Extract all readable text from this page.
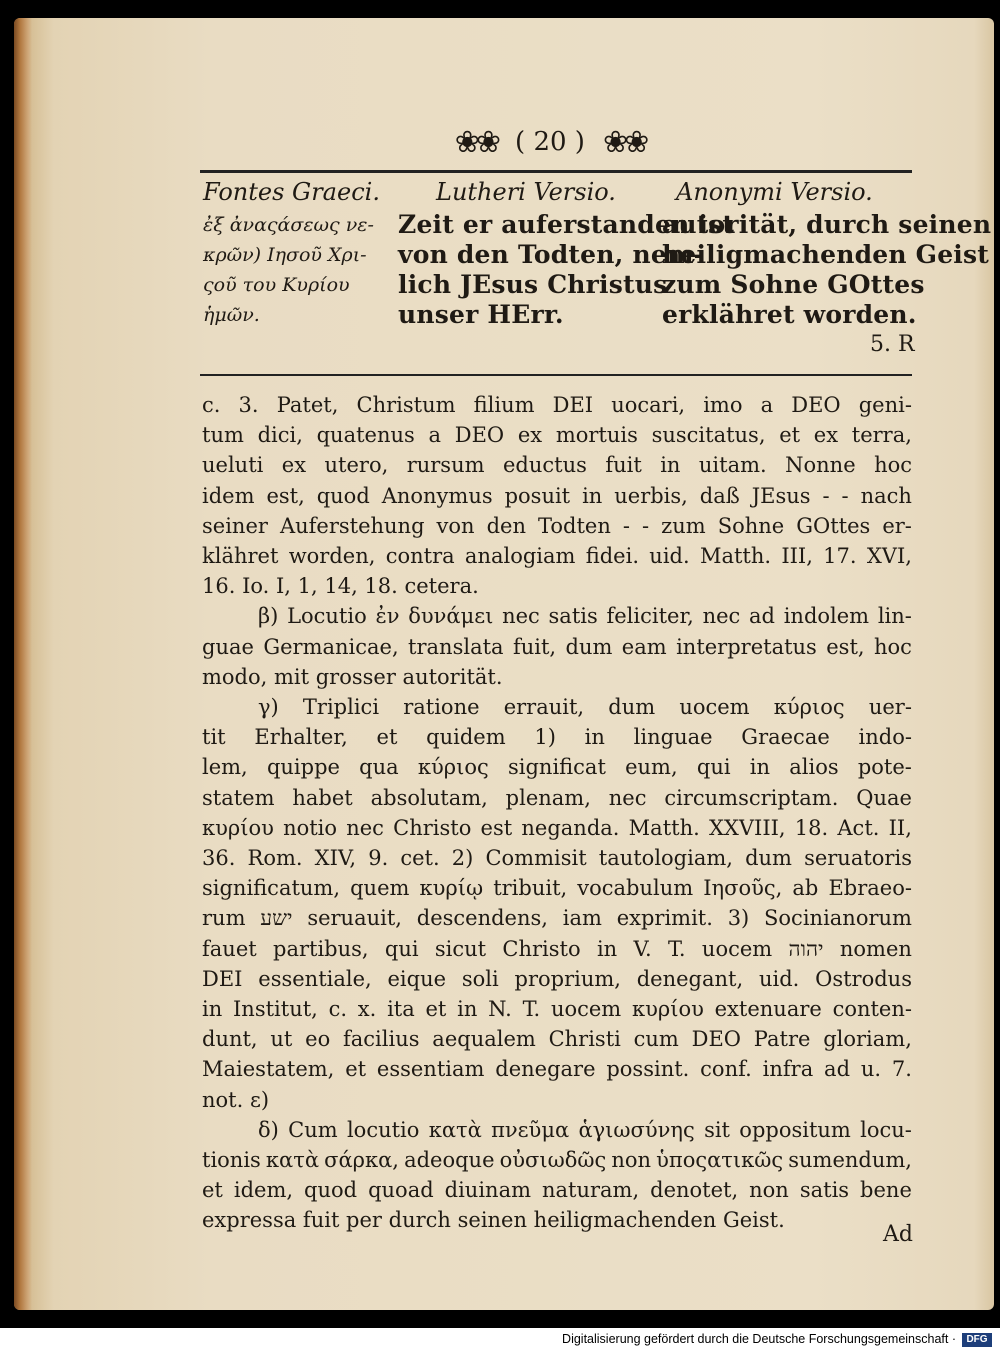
❀❀ ( 20 ) ❀❀
Fontes Graeci. Lutheri Versio.	Anonymi Versio.
ἐξ ἀναςάσεως νε-
κρῶν) Ιησοῦ Χρι-
ςοῦ του Κυρίου
ἡμῶν.
Zeit er auferstanden ist
von den Todten, nem-
lich JEsus Christus
unser HErr.
autorität, durch seinen
heiligmachenden Geist
zum Sohne GOttes
erklähret worden.
5. R
c. 3. Patet, Christum filium DEI uocari, imo a DEO geni-
tum dici, quatenus a DEO ex mortuis suscitatus, et ex terra,
ueluti ex utero, rursum eductus fuit in uitam. Nonne hoc
idem est, quod Anonymus posuit in uerbis, daß JEsus - - nach
seiner Auferstehung von den Todten - - zum Sohne GOttes er-
klähret worden, contra analogiam fidei. uid. Matth. III, 17. XVI,
16. Io. I, 1, 14, 18. cetera.
β) Locutio ἐν δυνάμει nec satis feliciter, nec ad indolem lin-
guae Germanicae, translata fuit, dum eam interpretatus est, hoc
modo, mit grosser autorität.
γ) Triplici ratione errauit, dum uocem κύριος uer-
tit Erhalter, et quidem 1) in linguae Graecae indo-
lem, quippe qua κύριος significat eum, qui in alios pote-
statem habet absolutam, plenam, nec circumscriptam. Quae
κυρίου notio nec Christo est neganda. Matth. XXVIII, 18. Act. II,
36. Rom. XIV, 9. cet. 2) Commisit tautologiam, dum seruatoris
significatum, quem κυρίῳ tribuit, vocabulum Ιησοῦς, ab Ebraeo-
rum ישע seruauit, descendens, iam exprimit. 3) Socinianorum
fauet partibus, qui sicut Christo in V. T. uocem יהוה nomen
DEI essentiale, eique soli proprium, denegant, uid. Ostrodus
in Institut, c. x. ita et in N. T. uocem κυρίου extenuare conten-
dunt, ut eo facilius aequalem Christi cum DEO Patre gloriam,
Maiestatem, et essentiam denegare possint. conf. infra ad u. 7.
not. ε)
δ) Cum locutio κατὰ πνεῦμα ἁγιωσύνης sit oppositum locu-
tionis κατὰ σάρκα, adeoque οὐσιωδῶς non ὑποςατικῶς sumendum,
et idem, quod quoad diuinam naturam, denotet, non satis bene
expressa fuit per durch seinen heiligmachenden Geist.
Ad
Digitalisierung gefördert durch die Deutsche Forschungsgemeinschaft ·	DFG
